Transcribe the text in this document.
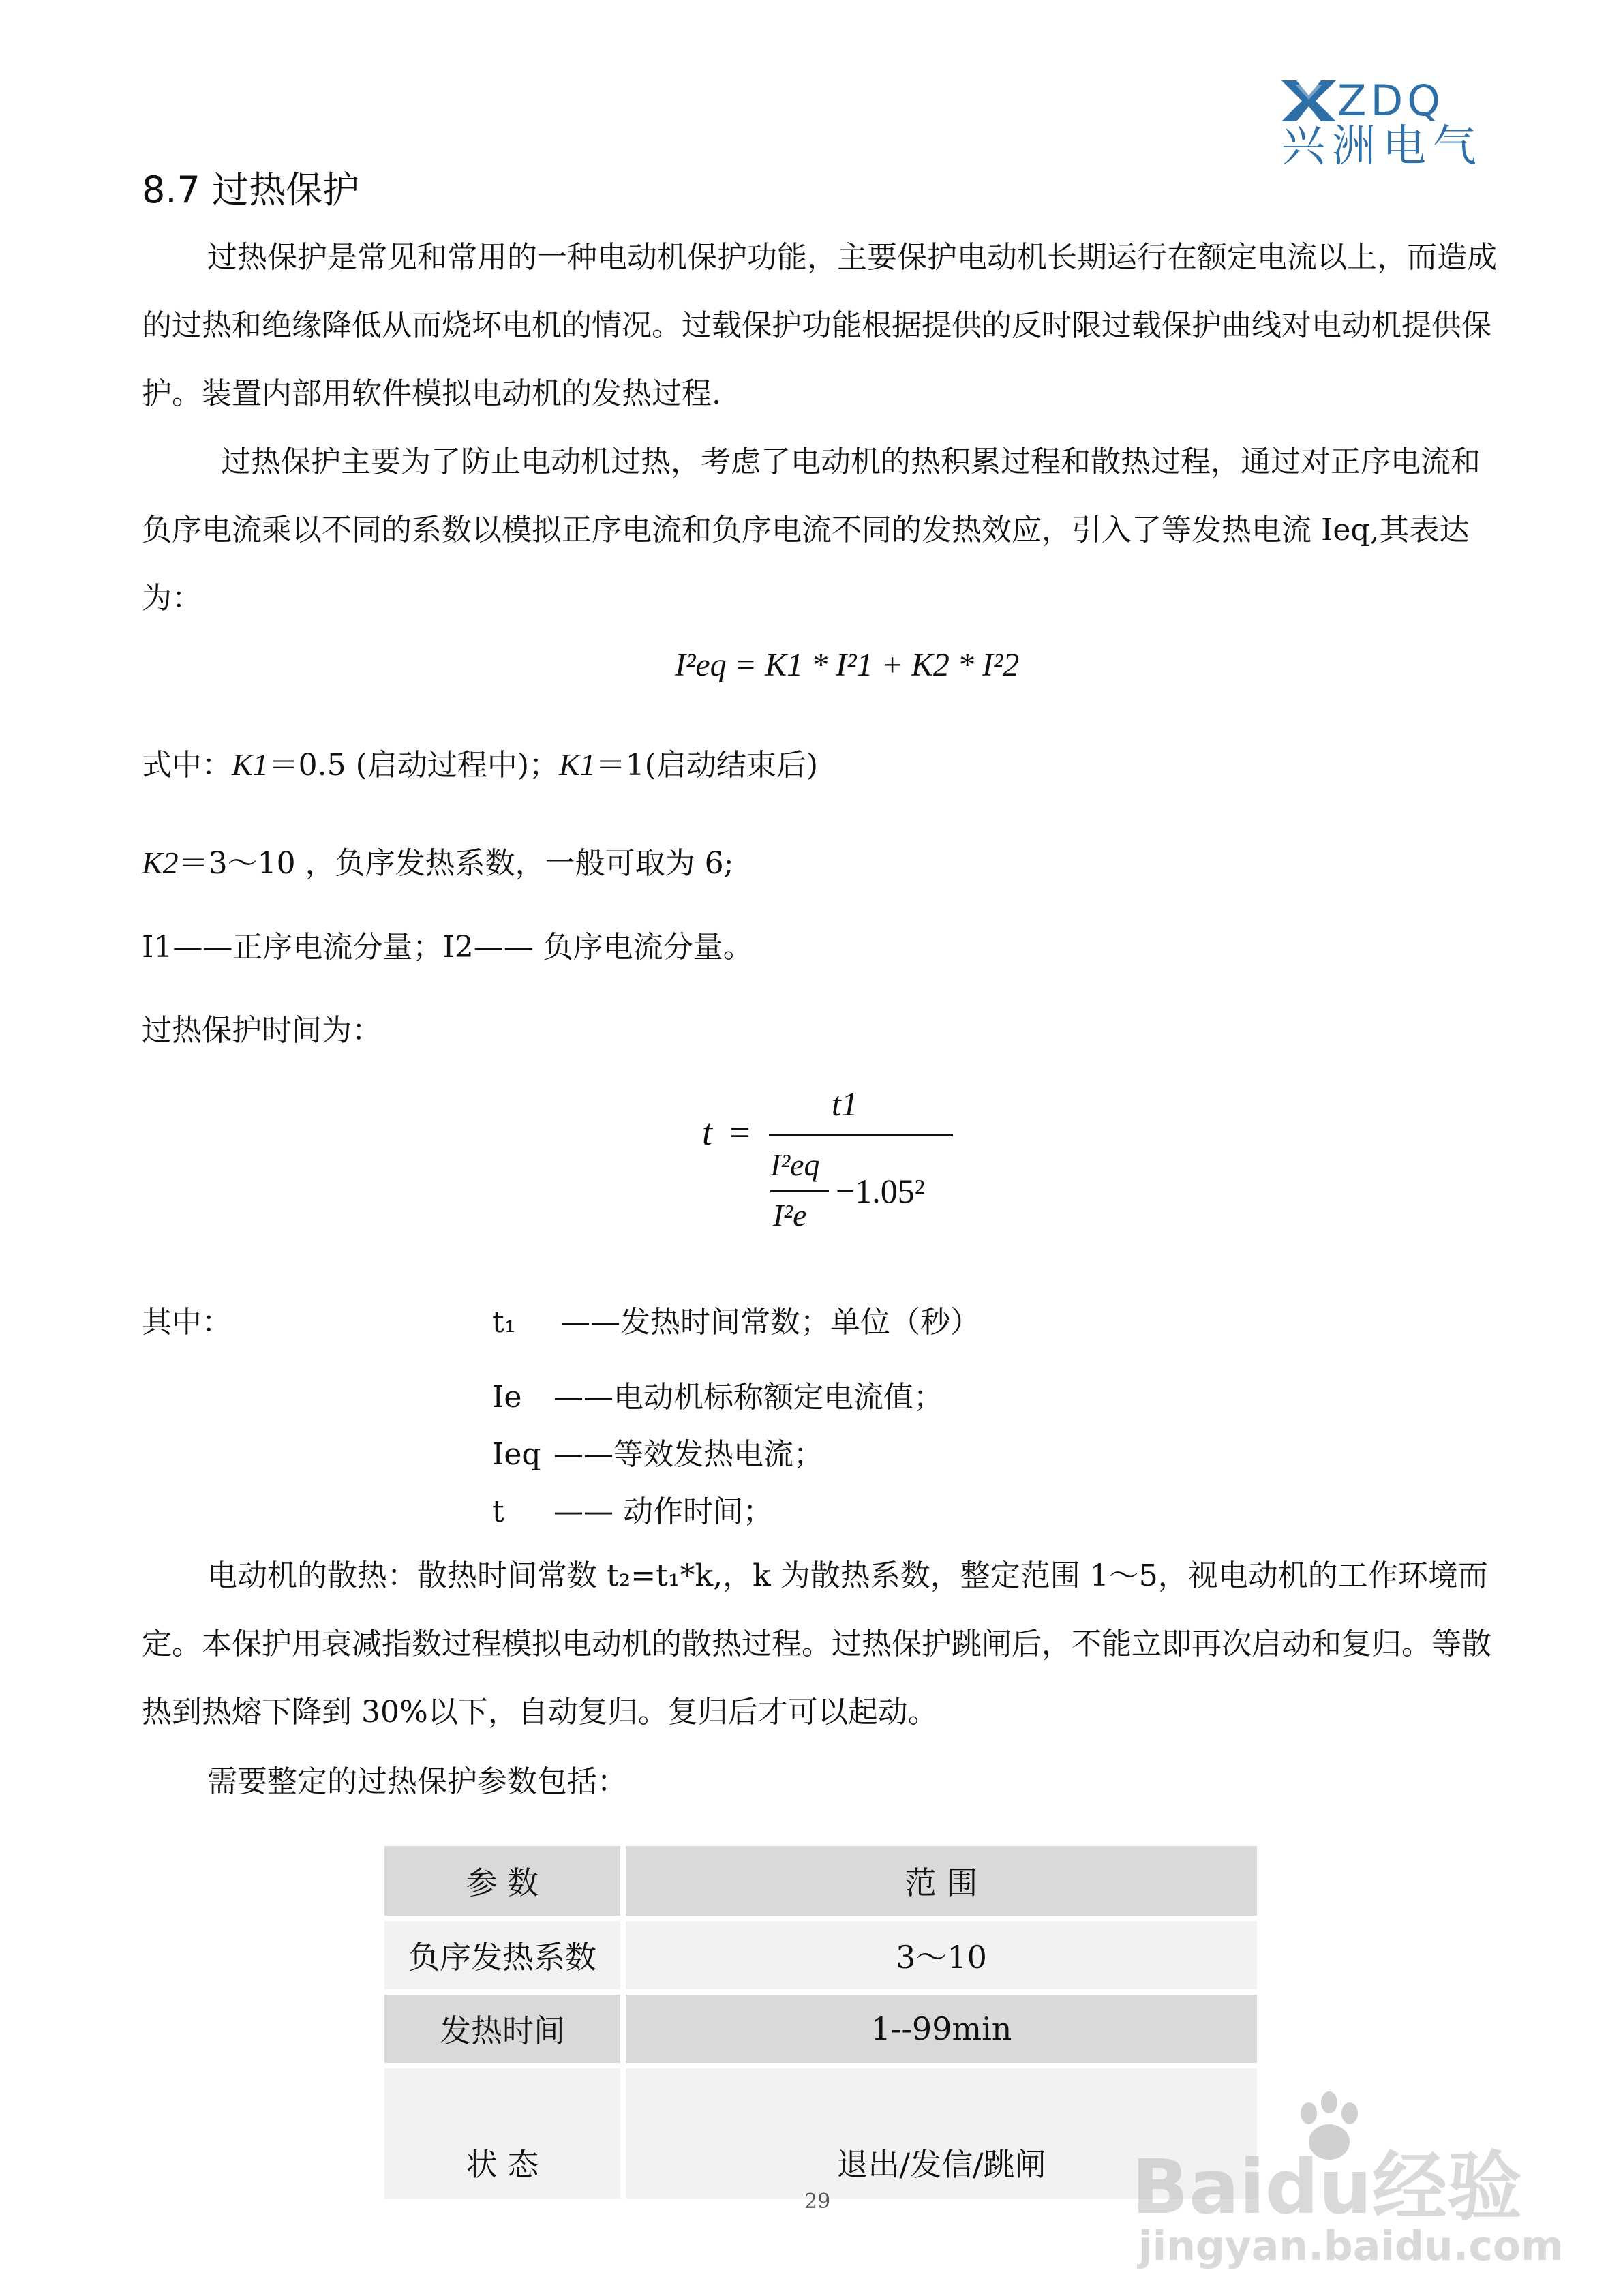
ZDQ
兴洲电气
8.7 过热保护

过热保护是常见和常用的一种电动机保护功能，主要保护电动机长期运行在额定电流以上，而造成的过热和绝缘降低从而烧坏电机的情况。过载保护功能根据提供的反时限过载保护曲线对电动机提供保护。装置内部用软件模拟电动机的发热过程.

过热保护主要为了防止电动机过热，考虑了电动机的热积累过程和散热过程，通过对正序电流和负序电流乘以不同的系数以模拟正序电流和负序电流不同的发热效应，引入了等发热电流 Ieq,其表达为：

I²eq = K1 * I²1 + K2 * I²2
式中：K1＝0.5 (启动过程中)；K1＝1(启动结束后)
K2＝3～10 ，负序发热系数，一般可取为 6;
I1——正序电流分量；I2—— 负序电流分量。
过热保护时间为：
t =
t1
I²eq
I²e
−1.05²
其中：	t₁ ——发热时间常数；单位（秒）
Ie ——电动机标称额定电流值；
Ieq ——等效发热电流；
t —— 动作时间；

电动机的散热：散热时间常数 t₂=t₁*k,，k 为散热系数，整定范围 1～5，视电动机的工作环境而定。本保护用衰减指数过程模拟电动机的散热过程。过热保护跳闸后，不能立即再次启动和复归。等散热到热熔下降到 30%以下，自动复归。复归后才可以起动。

需要整定的过热保护参数包括：
参 数	范 围
负序发热系数	3～10
发热时间	1--99min
状 态	退出/发信/跳闸
29	Baidu经验
jingyan.baidu.com
